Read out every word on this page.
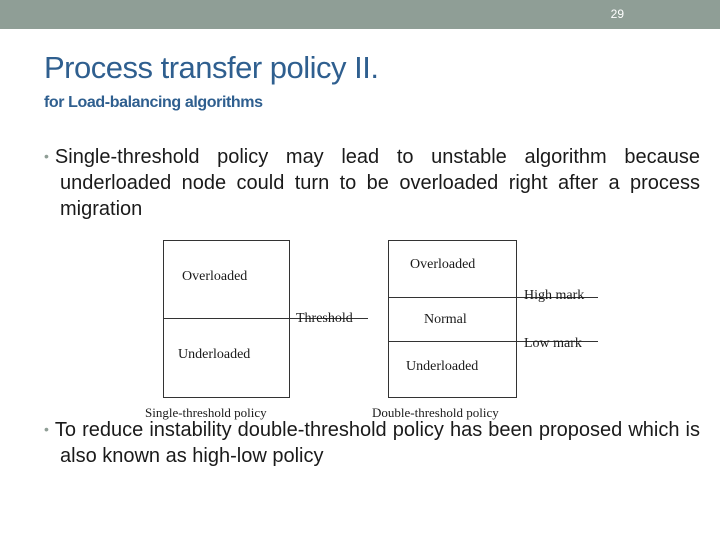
29
Process transfer policy II.
for Load-balancing algorithms

• Single-threshold policy may lead to unstable algorithm because underloaded node could turn to be overloaded right after a process migration

Overloaded
Threshold
Underloaded
Single-threshold policy
Overloaded
High mark
Normal
Low mark
Underloaded
Double-threshold policy

• To reduce instability double-threshold policy has been proposed which is also known as high-low policy
